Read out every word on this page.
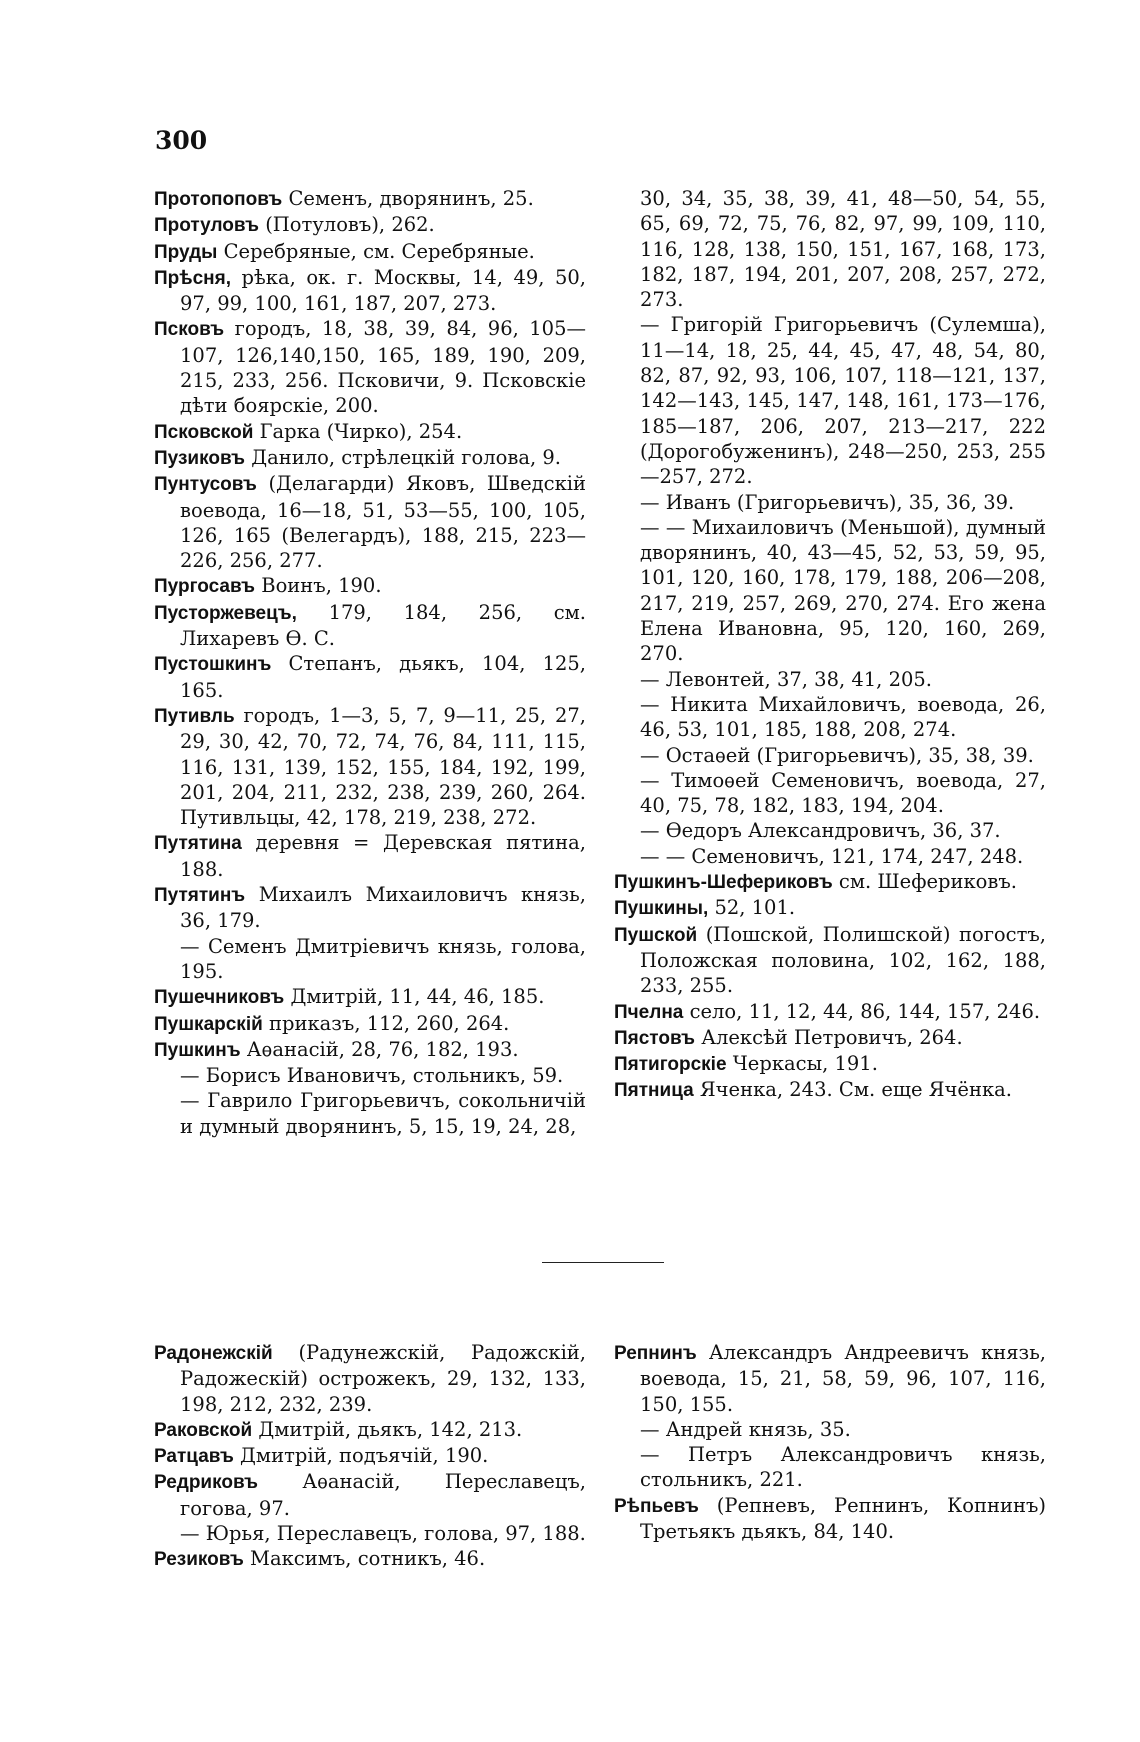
300

Протопоповъ Семенъ, дворянинъ, 25.

Протуловъ (Потуловъ), 262.

Пруды Серебряные, см. Серебряные.

Прѣсня, рѣка, ок. г. Москвы, 14, 49, 50, 97, 99, 100, 161, 187, 207, 273.

Псковъ городъ, 18, 38, 39, 84, 96, 105—107, 126,140,150, 165, 189, 190, 209, 215, 233, 256. Псковичи, 9. Псковскіе дѣти боярскіе, 200.

Псковской Гарка (Чирко), 254.

Пузиковъ Данило, стрѣлецкій голова, 9.

Пунтусовъ (Делагарди) Яковъ, Шведскій воевода, 16—18, 51, 53—55, 100, 105, 126, 165 (Велегардъ), 188, 215, 223—226, 256, 277.

Пургосавъ Воинъ, 190.

Пусторжевецъ, 179, 184, 256, см. Лихаревъ Ѳ. С.

Пустошкинъ Степанъ, дьякъ, 104, 125, 165.

Путивль городъ, 1—3, 5, 7, 9—11, 25, 27, 29, 30, 42, 70, 72, 74, 76, 84, 111, 115, 116, 131, 139, 152, 155, 184, 192, 199, 201, 204, 211, 232, 238, 239, 260, 264. Путивльцы, 42, 178, 219, 238, 272.

Путятина деревня = Деревская пятина, 188.

Путятинъ Михаилъ Михаиловичъ князь, 36, 179.

— Семенъ Дмитріевичъ князь, голова, 195.

Пушечниковъ Дмитрій, 11, 44, 46, 185.

Пушкарскій приказъ, 112, 260, 264.

Пушкинъ Аѳанасій, 28, 76, 182, 193.

— Борисъ Ивановичъ, стольникъ, 59.

— Гаврило Григорьевичъ, сокольничій и думный дворянинъ, 5, 15, 19, 24, 28,

30, 34, 35, 38, 39, 41, 48—50, 54, 55, 65, 69, 72, 75, 76, 82, 97, 99, 109, 110, 116, 128, 138, 150, 151, 167, 168, 173, 182, 187, 194, 201, 207, 208, 257, 272, 273.

— Григорій Григорьевичъ (Сулемша), 11—14, 18, 25, 44, 45, 47, 48, 54, 80, 82, 87, 92, 93, 106, 107, 118—121, 137, 142—143, 145, 147, 148, 161, 173—176, 185—187, 206, 207, 213—217, 222 (Дорогобуженинъ), 248—250, 253, 255—257, 272.

— Иванъ (Григорьевичъ), 35, 36, 39.

— — Михаиловичъ (Меньшой), думный дворянинъ, 40, 43—45, 52, 53, 59, 95, 101, 120, 160, 178, 179, 188, 206—208, 217, 219, 257, 269, 270, 274. Его жена Елена Ивановна, 95, 120, 160, 269, 270.

— Левонтей, 37, 38, 41, 205.

— Никита Михайловичъ, воевода, 26, 46, 53, 101, 185, 188, 208, 274.

— Остаѳей (Григорьевичъ), 35, 38, 39.

— Тимоѳей Семеновичъ, воевода, 27, 40, 75, 78, 182, 183, 194, 204.

— Ѳедоръ Александровичъ, 36, 37.

— — Семеновичъ, 121, 174, 247, 248.

Пушкинъ-Шефериковъ см. Шефериковъ.

Пушкины, 52, 101.

Пушской (Пошской, Полишской) погостъ, Положская половина, 102, 162, 188, 233, 255.

Пчелна село, 11, 12, 44, 86, 144, 157, 246.

Пястовъ Алексѣй Петровичъ, 264.

Пятигорскіе Черкасы, 191.

Пятница Яченка, 243. См. еще Ячёнка.

Радонежскій (Радунежскій, Радожскій, Радожескій) острожекъ, 29, 132, 133, 198, 212, 232, 239.

Раковской Дмитрій, дьякъ, 142, 213.

Ратцавъ Дмитрій, подъячій, 190.

Редриковъ Аѳанасій, Переславецъ, гогова, 97.

— Юрья, Переславецъ, голова, 97, 188.

Резиковъ Максимъ, сотникъ, 46.

Репнинъ Александръ Андреевичъ князь, воевода, 15, 21, 58, 59, 96, 107, 116, 150, 155.

— Андрей князь, 35.

— Петръ Александровичъ князь, стольникъ, 221.

Рѣпьевъ (Репневъ, Репнинъ, Копнинъ) Третьякъ дьякъ, 84, 140.
